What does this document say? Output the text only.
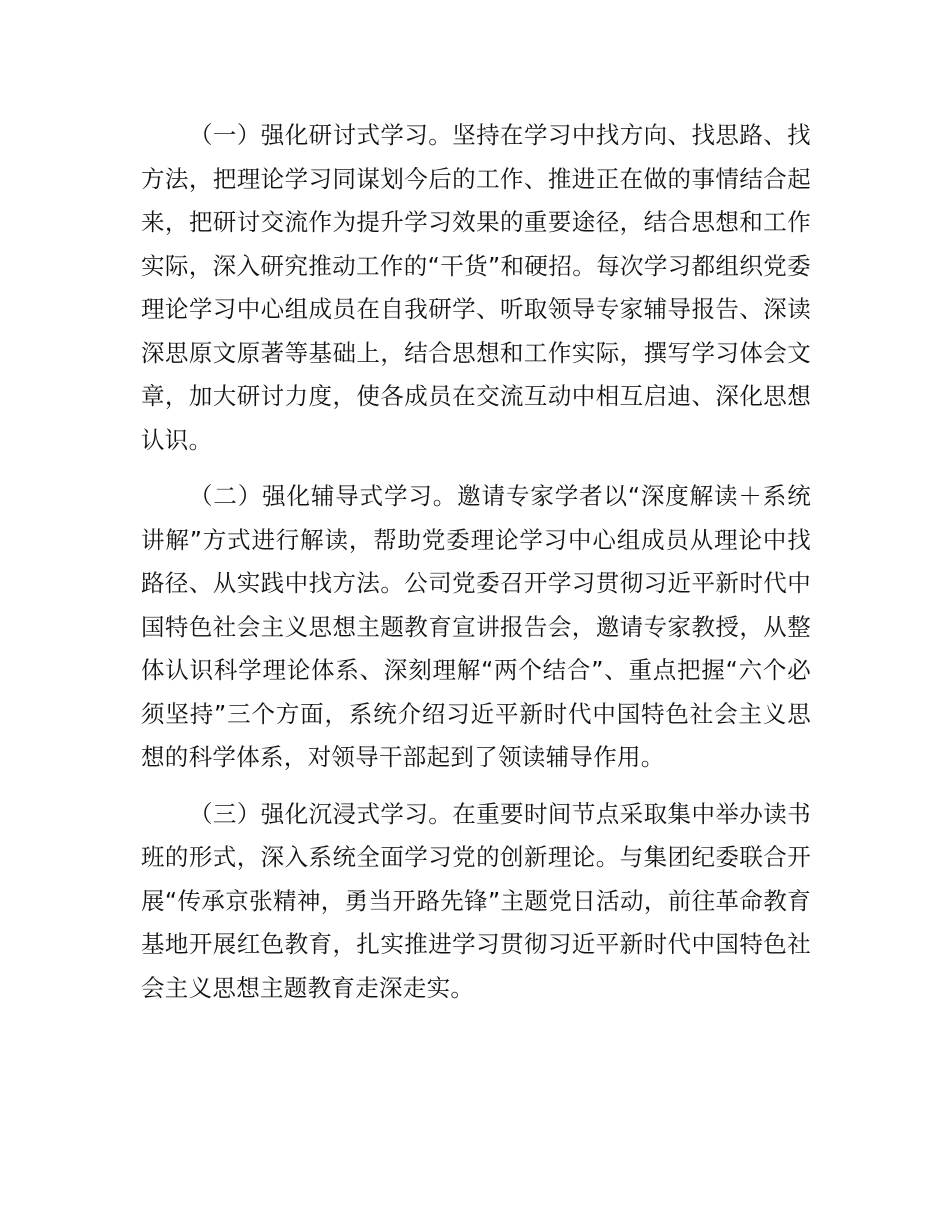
（一）强化研讨式学习。坚持在学习中找方向、找思路、找方法，把理论学习同谋划今后的工作、推进正在做的事情结合起来，把研讨交流作为提升学习效果的重要途径，结合思想和工作实际，深入研究推动工作的“干货”和硬招。每次学习都组织党委理论学习中心组成员在自我研学、听取领导专家辅导报告、深读深思原文原著等基础上，结合思想和工作实际，撰写学习体会文章，加大研讨力度，使各成员在交流互动中相互启迪、深化思想认识。

（二）强化辅导式学习。邀请专家学者以“深度解读＋系统讲解”方式进行解读，帮助党委理论学习中心组成员从理论中找路径、从实践中找方法。公司党委召开学习贯彻习近平新时代中国特色社会主义思想主题教育宣讲报告会，邀请专家教授，从整体认识科学理论体系、深刻理解“两个结合”、重点把握“六个必须坚持”三个方面，系统介绍习近平新时代中国特色社会主义思想的科学体系，对领导干部起到了领读辅导作用。

（三）强化沉浸式学习。在重要时间节点采取集中举办读书班的形式，深入系统全面学习党的创新理论。与集团纪委联合开展“传承京张精神，勇当开路先锋”主题党日活动，前往革命教育基地开展红色教育，扎实推进学习贯彻习近平新时代中国特色社会主义思想主题教育走深走实。
